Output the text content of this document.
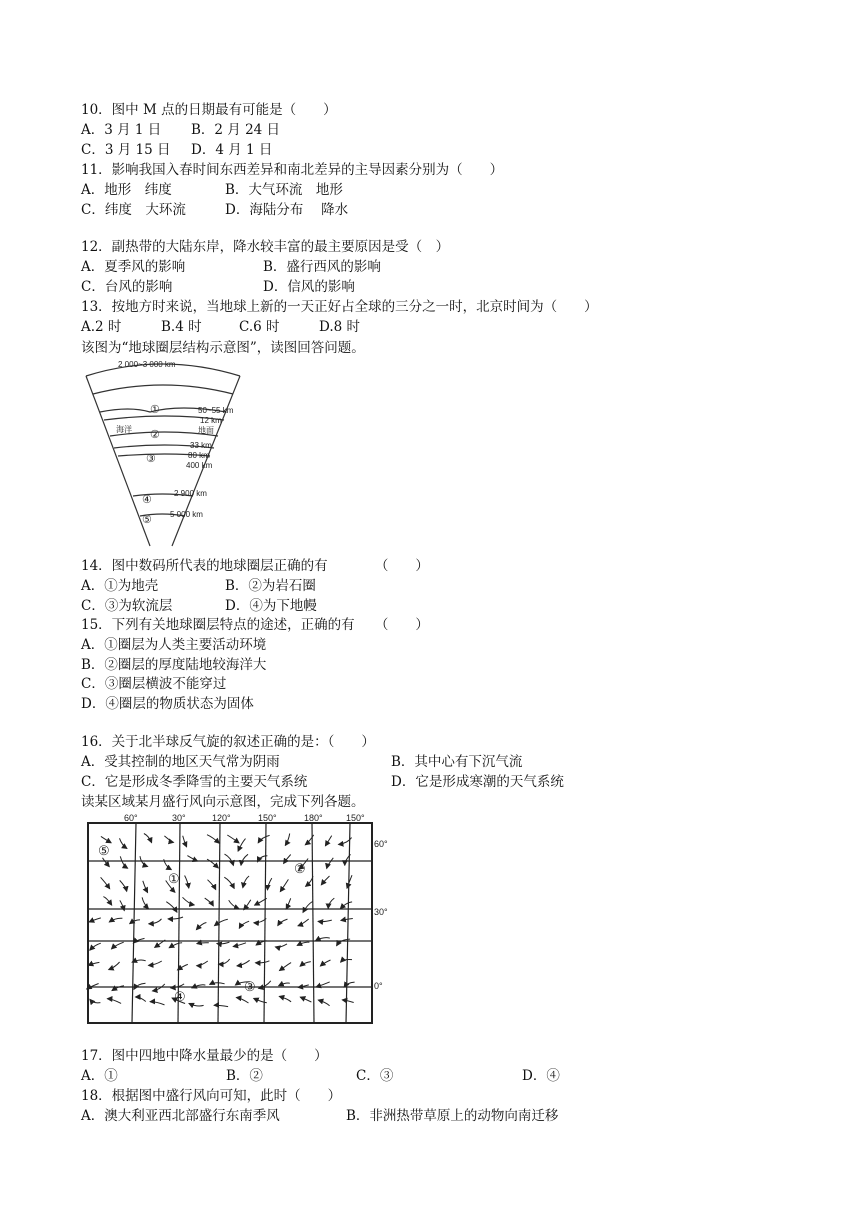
10．图中 M 点的日期最有可能是（　　）
A．3 月 1 日 B．2 月 24 日
C．3 月 15 日 D．4 月 1 日
11．影响我国入春时间东西差异和南北差异的主导因素分别为（　　）
A．地形　纬度	B．大气环流　地形
C．纬度　大环流	D．海陆分布　 降水
12．副热带的大陆东岸，降水较丰富的最主要原因是受（　）
A．夏季风的影响	B．盛行西风的影响
C．台风的影响	D．信风的影响
13．按地方时来说，当地球上新的一天正好占全球的三分之一时，北京时间为（　　）
A.2 时	B.4 时	C.6 时	D.8 时
该图为“地球圈层结构示意图”，读图回答问题。
2 000~3 000 km
50~55 km
12 km
地面
33 km
80 km
400 km
2 900 km
5 000 km
海洋
①
②
③
④
⑤
14．图中数码所代表的地球圈层正确的有　　　　（　　）
A．①为地壳	B．②为岩石圈
C．③为软流层	D．④为下地幔
15．下列有关地球圈层特点的途述，正确的有　　（　　）
A．①圈层为人类主要活动环境
B．②圈层的厚度陆地较海洋大
C．③圈层横波不能穿过
D．④圈层的物质状态为固体
16．关于北半球反气旋的叙述正确的是：（　　）
A．受其控制的地区天气常为阴雨	B．其中心有下沉气流
C．它是形成冬季降雪的主要天气系统	D．它是形成寒潮的天气系统
读某区域某月盛行风向示意图，完成下列各题。
60°	30°	120°	150°	180°	150°
60°
30°
0°
①
②
③
④
⑤
17．图中四地中降水量最少的是（　　）
A．①	B．②	C．③	D．④
18．根据图中盛行风向可知，此时（　　）
A．澳大利亚西北部盛行东南季风	B．非洲热带草原上的动物向南迁移
